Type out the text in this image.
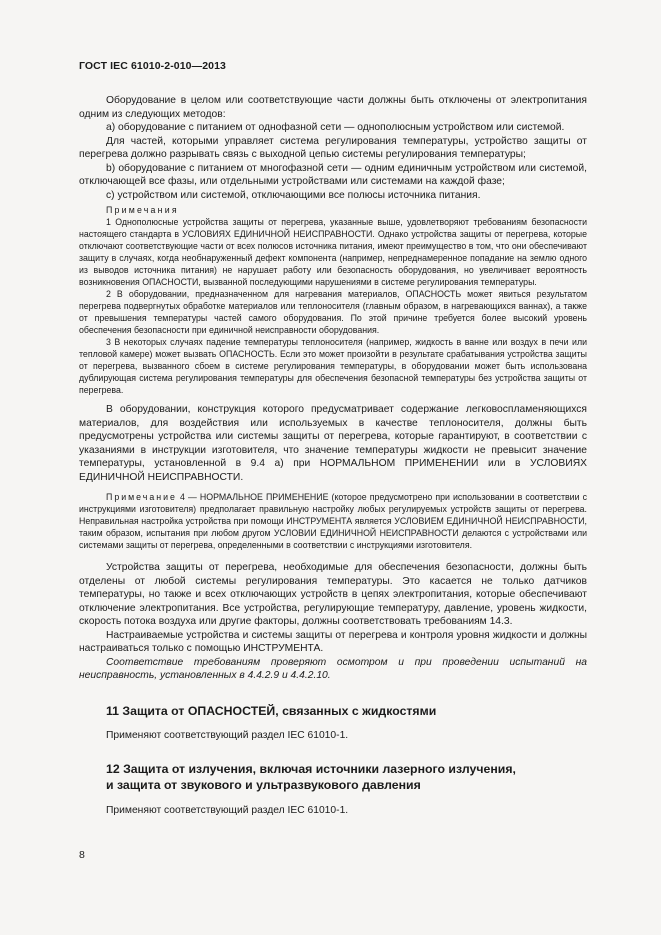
ГОСТ IEC 61010-2-010—2013

Оборудование в целом или соответствующие части должны быть отключены от электропитания одним из следующих методов:

a) оборудование с питанием от однофазной сети — однополюсным устройством или системой.

Для частей, которыми управляет система регулирования температуры, устройство защиты от перегрева должно разрывать связь с выходной цепью системы регулирования температуры;

b) оборудование с питанием от многофазной сети — одним единичным устройством или системой, отключающей все фазы, или отдельными устройствами или системами на каждой фазе;

c) устройством или системой, отключающими все полюсы источника питания.

Примечания

1 Однополюсные устройства защиты от перегрева, указанные выше, удовлетворяют требованиям безопасности настоящего стандарта в УСЛОВИЯХ ЕДИНИЧНОЙ НЕИСПРАВНОСТИ. Однако устройства защиты от перегрева, которые отключают соответствующие части от всех полюсов источника питания, имеют преимущество в том, что они обеспечивают защиту в случаях, когда необнаруженный дефект компонента (например, непреднамеренное попадание на землю одного из выводов источника питания) не нарушает работу или безопасность оборудования, но увеличивает вероятность возникновения ОПАСНОСТИ, вызванной последующими нарушениями в системе регулирования температуры.

2 В оборудовании, предназначенном для нагревания материалов, ОПАСНОСТЬ может явиться результатом перегрева подвергнутых обработке материалов или теплоносителя (главным образом, в нагревающихся ваннах), а также от превышения температуры частей самого оборудования. По этой причине требуется более высокий уровень обеспечения безопасности при единичной неисправности оборудования.

3 В некоторых случаях падение температуры теплоносителя (например, жидкость в ванне или воздух в печи или тепловой камере) может вызвать ОПАСНОСТЬ. Если это может произойти в результате срабатывания устройства защиты от перегрева, вызванного сбоем в системе регулирования температуры, в оборудовании может быть использована дублирующая система регулирования температуры для обеспечения безопасной температуры без устройства защиты от перегрева.

В оборудовании, конструкция которого предусматривает содержание легковоспламеняющихся материалов, для воздействия или используемых в качестве теплоносителя, должны быть предусмотрены устройства или системы защиты от перегрева, которые гарантируют, в соответствии с указаниями в инструкции изготовителя, что значение температуры жидкости не превысит значение температуры, установленной в 9.4 а) при НОРМАЛЬНОМ ПРИМЕНЕНИИ или в УСЛОВИЯХ ЕДИНИЧНОЙ НЕИСПРАВНОСТИ.

Примечание 4 — НОРМАЛЬНОЕ ПРИМЕНЕНИЕ (которое предусмотрено при использовании в соответствии с инструкциями изготовителя) предполагает правильную настройку любых регулируемых устройств защиты от перегрева. Неправильная настройка устройства при помощи ИНСТРУМЕНТА является УСЛОВИЕМ ЕДИНИЧНОЙ НЕИСПРАВНОСТИ, таким образом, испытания при любом другом УСЛОВИИ ЕДИНИЧНОЙ НЕИСПРАВНОСТИ делаются с устройствами или системами защиты от перегрева, определенными в соответствии с инструкциями изготовителя.

Устройства защиты от перегрева, необходимые для обеспечения безопасности, должны быть отделены от любой системы регулирования температуры. Это касается не только датчиков температуры, но также и всех отключающих устройств в цепях электропитания, которые обеспечивают отключение электропитания. Все устройства, регулирующие температуру, давление, уровень жидкости, скорость потока воздуха или другие факторы, должны соответствовать требованиям 14.3.

Настраиваемые устройства и системы защиты от перегрева и контроля уровня жидкости и должны настраиваться только с помощью ИНСТРУМЕНТА.

Соответствие требованиям проверяют осмотром и при проведении испытаний на неисправность, установленных в 4.4.2.9 и 4.4.2.10.

11 Защита от ОПАСНОСТЕЙ, связанных с жидкостями
Применяют соответствующий раздел IEC 61010-1.
12 Защита от излучения, включая источники лазерного излучения,
и защита от звукового и ультразвукового давления
Применяют соответствующий раздел IEC 61010-1.
8
